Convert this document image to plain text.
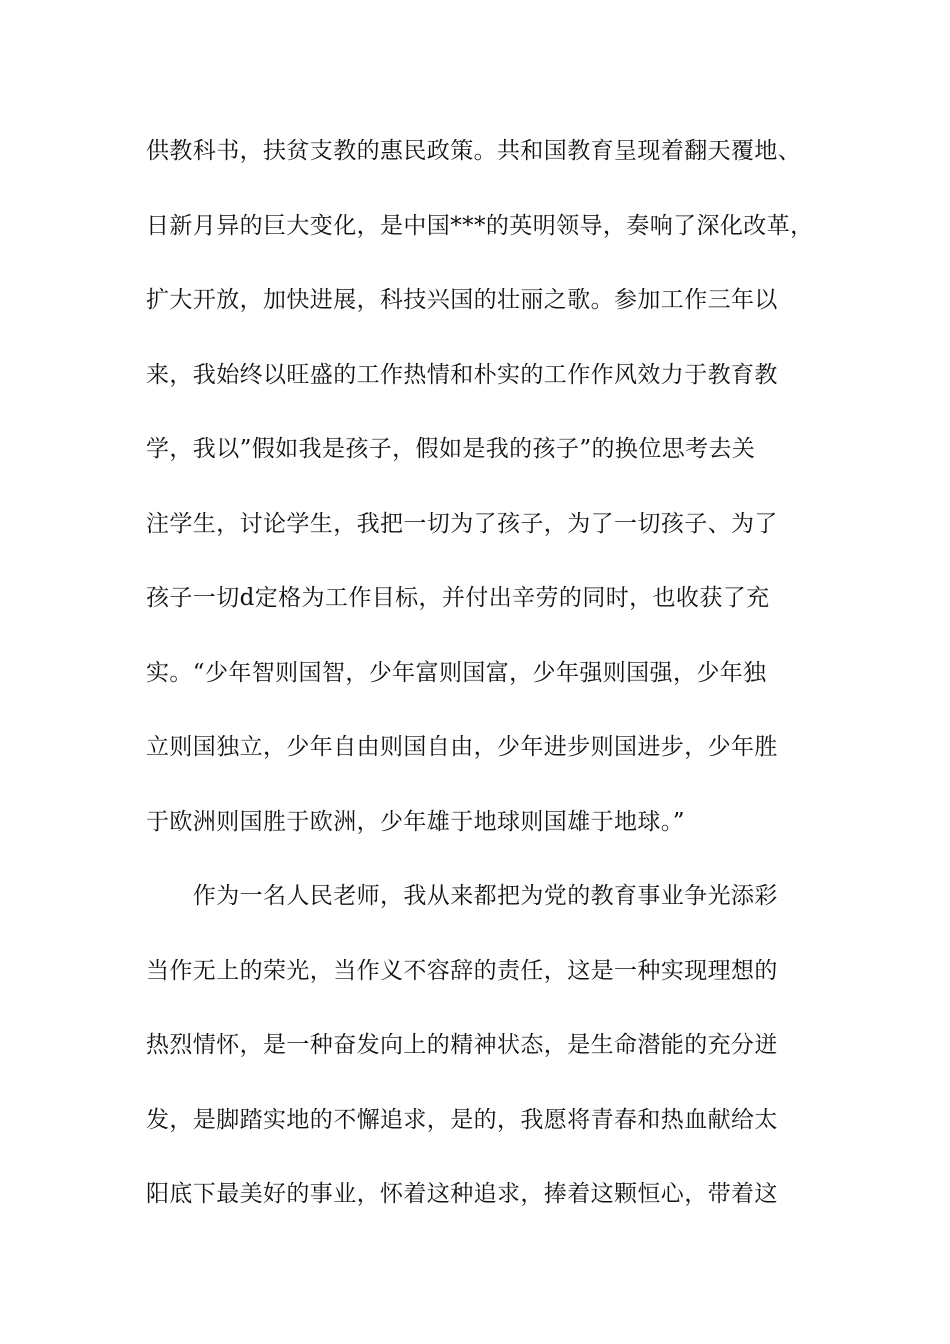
供教科书，扶贫支教的惠民政策。共和国教育呈现着翻天覆地、
日新月异的巨大变化，是中国***的英明领导，奏响了深化改革，
扩大开放，加快进展，科技兴国的壮丽之歌。参加工作三年以
来，我始终以旺盛的工作热情和朴实的工作作风效力于教育教
学，我以”假如我是孩子，假如是我的孩子”的换位思考去关
注学生，讨论学生，我把一切为了孩子，为了一切孩子、为了
孩子一切d定格为工作目标，并付出辛劳的同时，也收获了充
实。“少年智则国智，少年富则国富，少年强则国强，少年独
立则国独立，少年自由则国自由，少年进步则国进步，少年胜
于欧洲则国胜于欧洲，少年雄于地球则国雄于地球。”
　　作为一名人民老师，我从来都把为党的教育事业争光添彩
当作无上的荣光，当作义不容辞的责任，这是一种实现理想的
热烈情怀，是一种奋发向上的精神状态，是生命潜能的充分迸
发，是脚踏实地的不懈追求，是的，我愿将青春和热血献给太
阳底下最美好的事业，怀着这种追求，捧着这颗恒心，带着这
